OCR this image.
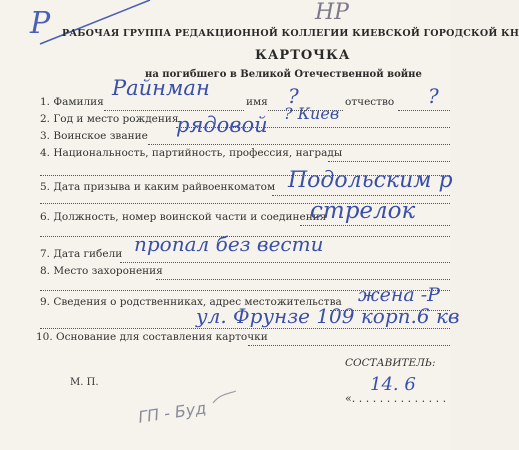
Р	НР
РАБОЧАЯ ГРУППА РЕДАКЦИОННОЙ КОЛЛЕГИИ КИЕВСКОЙ ГОРОДСКОЙ КН
КАРТОЧКА
на погибшего в Великой Отечественной войне
1. Фамилия
Райнман
имя ?	отчество ?
2. Год и место рождения	? Киев
3. Воинское звание рядовой
4. Национальность, партийность, профессия, награды
5. Дата призыва и каким райвоенкоматом Подольским р
6. Должность, номер воинской части и соединения
стрелок
7. Дата гибели пропал без вести
8. Место захоронения
9. Сведения о родственниках, адрес местожительства жена -Р
ул. Фрунзе 109 корп.6 кв
10. Основание для составления карточки
СОСТАВИТЕЛЬ:
14. 6
«. . . . . . . . . . . . . .
М. П.
ГП - Буд
